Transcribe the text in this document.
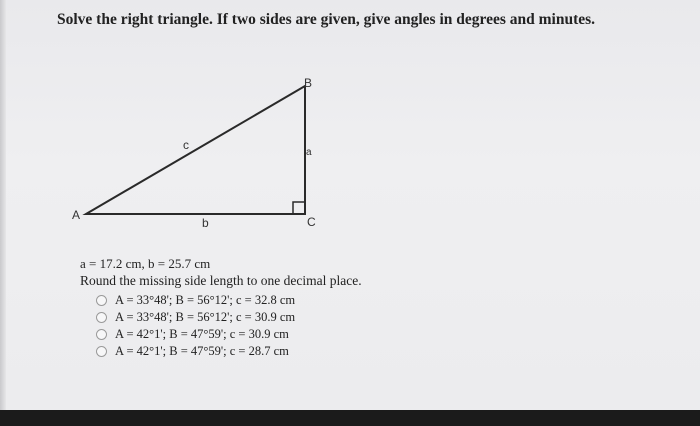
Solve the right triangle. If two sides are given, give angles in degrees and minutes.
A
B
C
a
b
c
a = 17.2 cm, b = 25.7 cm
Round the missing side length to one decimal place.
A = 33°48'; B = 56°12'; c = 32.8 cm
A = 33°48'; B = 56°12'; c = 30.9 cm
A = 42°1'; B = 47°59'; c = 30.9 cm
A = 42°1'; B = 47°59'; c = 28.7 cm
